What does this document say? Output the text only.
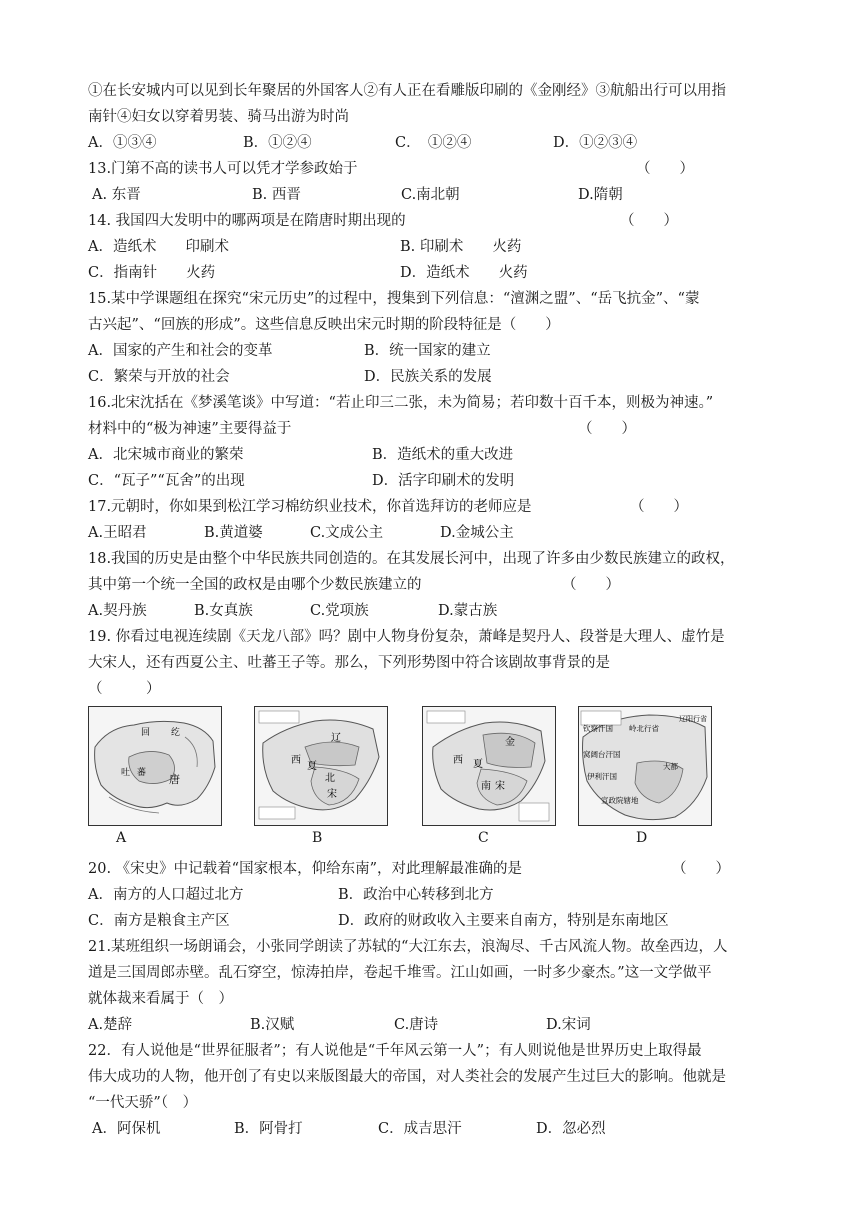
①在长安城内可以见到长年聚居的外国客人②有人正在看雕版印刷的《金刚经》③航船出行可以用指
南针④妇女以穿着男装、骑马出游为时尚
A．①③④	B．①②④	C．　①②④	D．①②③④
13.门第不高的读书人可以凭才学参政始于	（　　）
A. 东晋	B. 西晋	C.南北朝	D.隋朝
14. 我国四大发明中的哪两项是在隋唐时期出现的	（　　）
A．造纸术　　印刷术	B. 印刷术　　火药
C．指南针　　火药	D．造纸术　　火药
15.某中学课题组在探究“宋元历史”的过程中，搜集到下列信息：“澶渊之盟”、“岳飞抗金”、“蒙
古兴起”、“回族的形成”。这些信息反映出宋元时期的阶段特征是（　　）
A．国家的产生和社会的变革	B．统一国家的建立
C．繁荣与开放的社会	D．民族关系的发展
16.北宋沈括在《梦溪笔谈》中写道：“若止印三二张，未为简易；若印数十百千本，则极为神速。”
材料中的“极为神速”主要得益于	（　　）
A．北宋城市商业的繁荣	B．造纸术的重大改进
C．“瓦子”“瓦舍”的出现	D．活字印刷术的发明
17.元朝时，你如果到松江学习棉纺织业技术，你首选拜访的老师应是	（　　）
A.王昭君	B.黄道婆	C.文成公主	D.金城公主
18.我国的历史是由整个中华民族共同创造的。在其发展长河中，出现了许多由少数民族建立的政权，
其中第一个统一全国的政权是由哪个少数民族建立的	（　　）
A.契丹族	B.女真族	C.党项族	D.蒙古族
19. 你看过电视连续剧《天龙八部》吗？剧中人物身份复杂，萧峰是契丹人、段誉是大理人、虚竹是
大宋人，还有西夏公主、吐蕃王子等。那么，下列形势图中符合该剧故事背景的是
（　　　）
回 纥
吐 蕃 唐
辽
西
夏
北
宋
金
西 夏
南 宋
钦察汗国 岭北行省
窝阔台汗国
伊利汗国
大都
宣政院辖地
辽阳行省
A	B	C	D
20. 《宋史》中记载着“国家根本，仰给东南”，对此理解最准确的是	（　　）
A．南方的人口超过北方	B．政治中心转移到北方
C．南方是粮食主产区	D．政府的财政收入主要来自南方，特别是东南地区
21.某班组织一场朗诵会，小张同学朗读了苏轼的“大江东去，浪淘尽、千古风流人物。故垒西边，人
道是三国周郎赤壁。乱石穿空，惊涛拍岸，卷起千堆雪。江山如画，一时多少豪杰。”这一文学做平
就体裁来看属于（　）
A.楚辞	B.汉赋	C.唐诗	D.宋词
22．有人说他是“世界征服者”；有人说他是“千年风云第一人”；有人则说他是世界历史上取得最
伟大成功的人物，他开创了有史以来版图最大的帝国，对人类社会的发展产生过巨大的影响。他就是
“一代天骄”（　）
A．阿保机	B．阿骨打	C．成吉思汗	D．忽必烈
